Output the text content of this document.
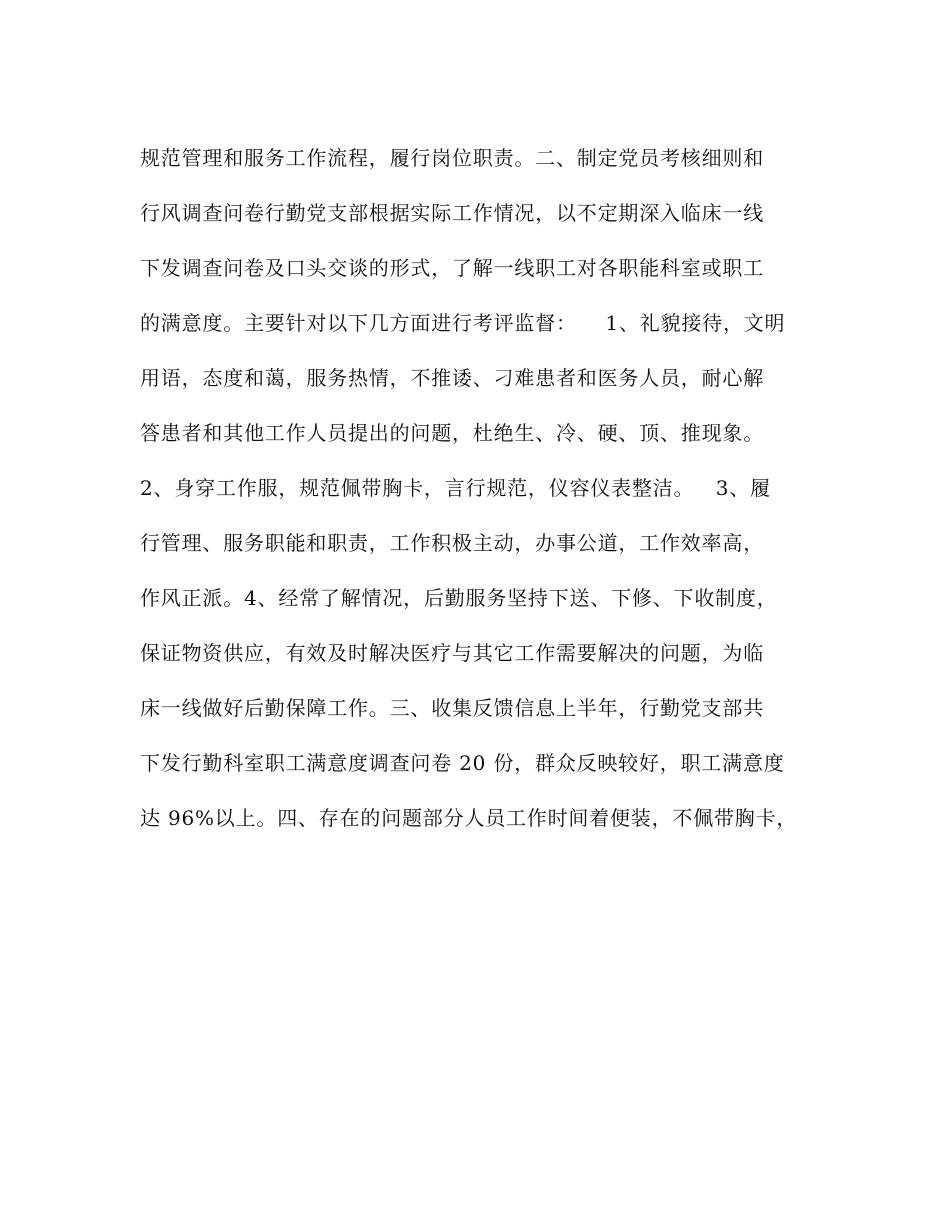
规范管理和服务工作流程，履行岗位职责。二、制定党员考核细则和
行风调查问卷行勤党支部根据实际工作情况，以不定期深入临床一线
下发调查问卷及口头交谈的形式，了解一线职工对各职能科室或职工
的满意度。主要针对以下几方面进行考评监督：    1、礼貌接待，文明
用语，态度和蔼，服务热情，不推诿、刁难患者和医务人员，耐心解
答患者和其他工作人员提出的问题，杜绝生、冷、硬、顶、推现象。
2、身穿工作服，规范佩带胸卡，言行规范，仪容仪表整洁。   3、履
行管理、服务职能和职责，工作积极主动，办事公道，工作效率高，
作风正派。4、经常了解情况，后勤服务坚持下送、下修、下收制度，
保证物资供应，有效及时解决医疗与其它工作需要解决的问题，为临
床一线做好后勤保障工作。三、收集反馈信息上半年，行勤党支部共
下发行勤科室职工满意度调查问卷 20 份，群众反映较好，职工满意度
达 96%以上。四、存在的问题部分人员工作时间着便装，不佩带胸卡，
